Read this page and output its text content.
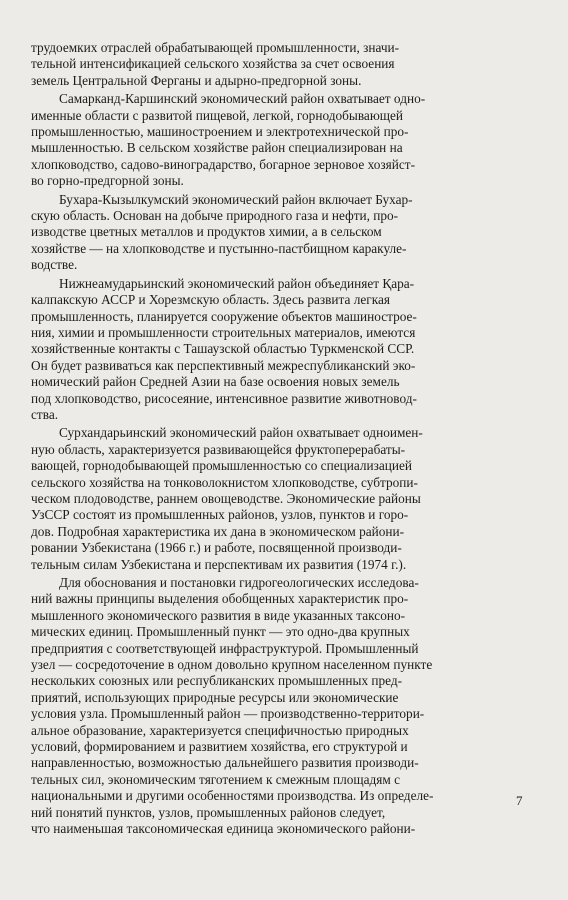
трудоемких отраслей обрабатывающей промышленности, значи-
тельной интенсификацией сельского хозяйства за счет освоения
земель Центральной Ферганы и адырно-предгорной зоны.

Самарканд-Каршинский экономический район охватывает одно-
именные области с развитой пищевой, легкой, горнодобывающей
промышленностью, машиностроением и электротехнической про-
мышленностью. В сельском хозяйстве район специализирован на
хлопководство, садово-виноградарство, богарное зерновое хозяйст-
во горно-предгорной зоны.

Бухара-Кызылкумский экономический район включает Бухар-
скую область. Основан на добыче природного газа и нефти, про-
изводстве цветных металлов и продуктов химии, а в сельском
хозяйстве — на хлопководстве и пустынно-пастбищном каракуле-
водстве.

Нижнеамударьинский экономический район объединяет Қара-
калпакскую АССР и Хорезмскую область. Здесь развита легкая
промышленность, планируется сооружение объектов машинострое-
ния, химии и промышленности строительных материалов, имеются
хозяйственные контакты с Ташаузской областью Туркменской ССР.
Он будет развиваться как перспективный межреспубликанский эко-
номический район Средней Азии на базе освоения новых земель
под хлопководство, рисосеяние, интенсивное развитие животновод-
ства.

Сурхандарьинский экономический район охватывает одноимен-
ную область, характеризуется развивающейся фруктоперерабаты-
вающей, горнодобывающей промышленностью со специализацией
сельского хозяйства на тонковолокнистом хлопководстве, субтропи-
ческом плодоводстве, раннем овощеводстве. Экономические районы
УзССР состоят из промышленных районов, узлов, пунктов и горо-
дов. Подробная характеристика их дана в экономическом райони-
ровании Узбекистана (1966 г.) и работе, посвященной производи-
тельным силам Узбекистана и перспективам их развития (1974 г.).

Для обоснования и постановки гидрогеологических исследова-
ний важны принципы выделения обобщенных характеристик про-
мышленного экономического развития в виде указанных таксоно-
мических единиц. Промышленный пункт — это одно-два крупных
предприятия с соответствующей инфраструктурой. Промышленный
узел — сосредоточение в одном довольно крупном населенном пункте
нескольких союзных или республиканских промышленных пред-
приятий, использующих природные ресурсы или экономические
условия узла. Промышленный район — производственно-территори-
альное образование, характеризуется специфичностью природных
условий, формированием и развитием хозяйства, его структурой и
направленностью, возможностью дальнейшего развития производи-
тельных сил, экономическим тяготением к смежным площадям с
национальными и другими особенностями производства. Из определе-
ний понятий пунктов, узлов, промышленных районов следует,
что наименьшая таксономическая единица экономического райони-

7
